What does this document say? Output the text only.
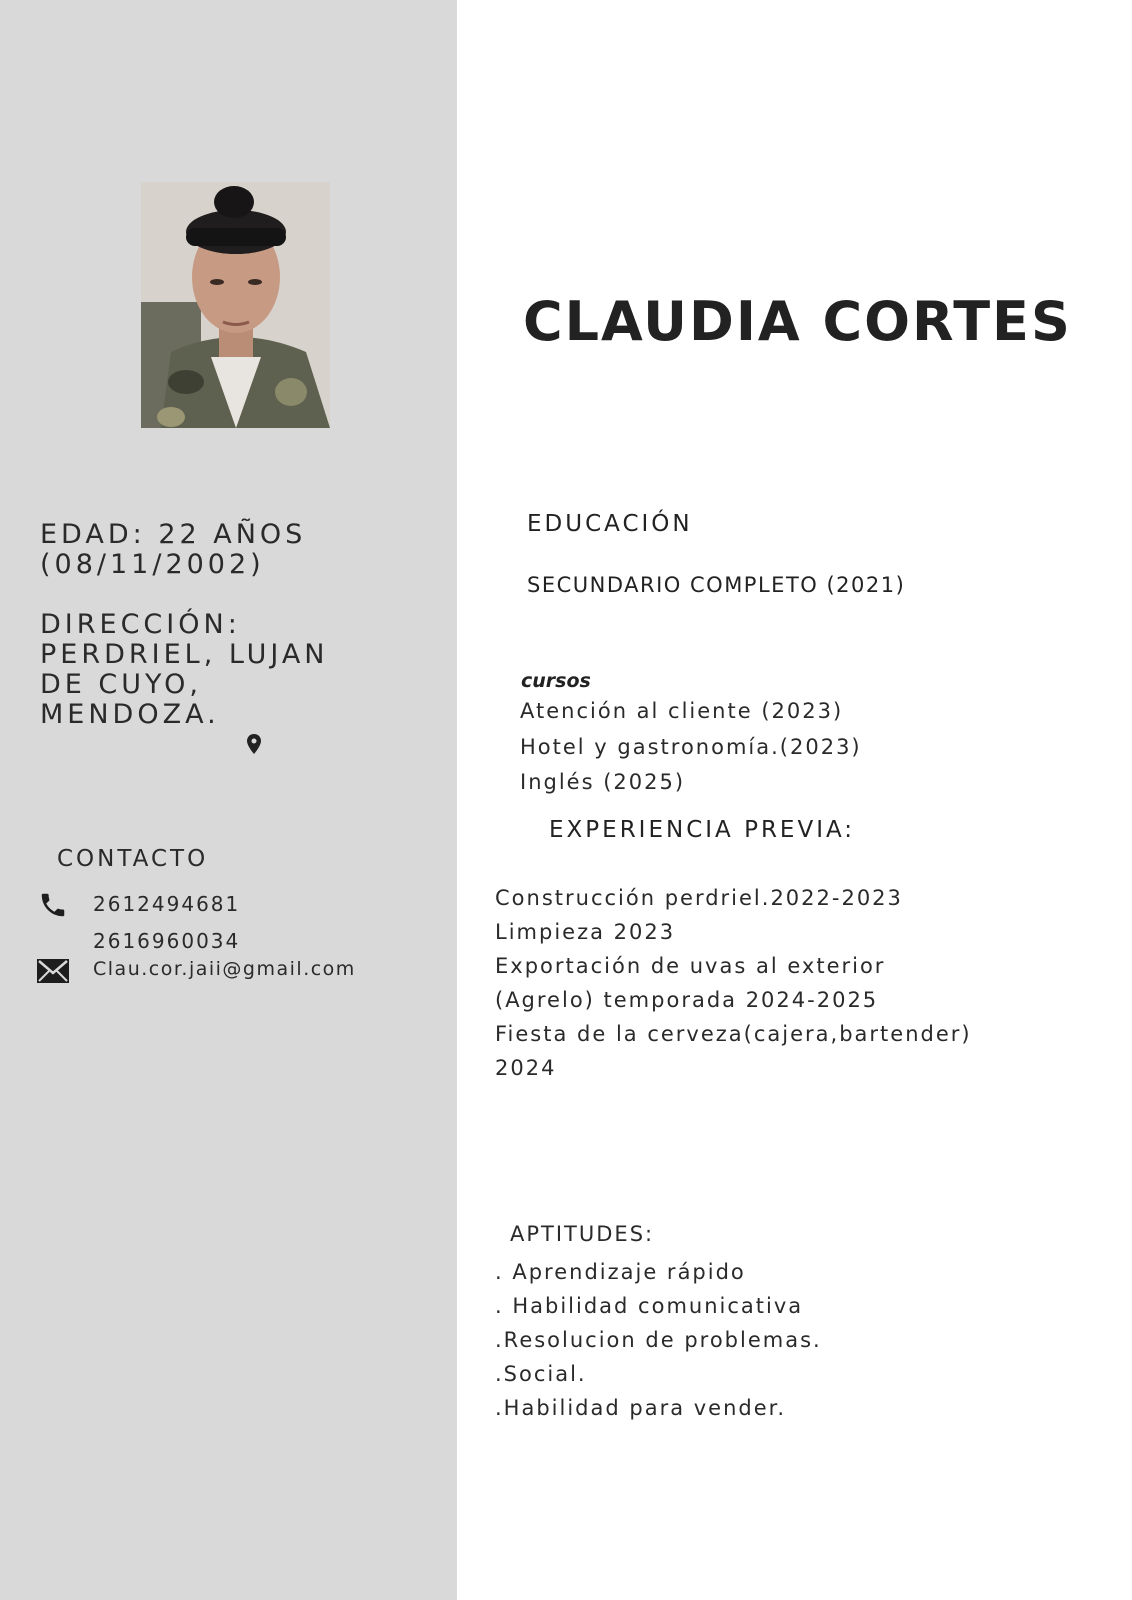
EDAD: 22 AÑOS
(08/11/2002)
DIRECCIÓN:
PERDRIEL, LUJAN
DE CUYO,
MENDOZA.
CONTACTO
2612494681
2616960034
Clau.cor.jaii@gmail.com
CLAUDIA CORTES
EDUCACIÓN
SECUNDARIO COMPLETO (2021)
cursos
Atención al cliente (2023)
Hotel y gastronomía.(2023)
Inglés (2025)
EXPERIENCIA PREVIA:
Construcción perdriel.2022-2023
Limpieza 2023
Exportación de uvas al exterior
(Agrelo) temporada 2024-2025
Fiesta de la cerveza(cajera,bartender)
2024
APTITUDES:
. Aprendizaje rápido
. Habilidad comunicativa
.Resolucion de problemas.
.Social.
.Habilidad para vender.
